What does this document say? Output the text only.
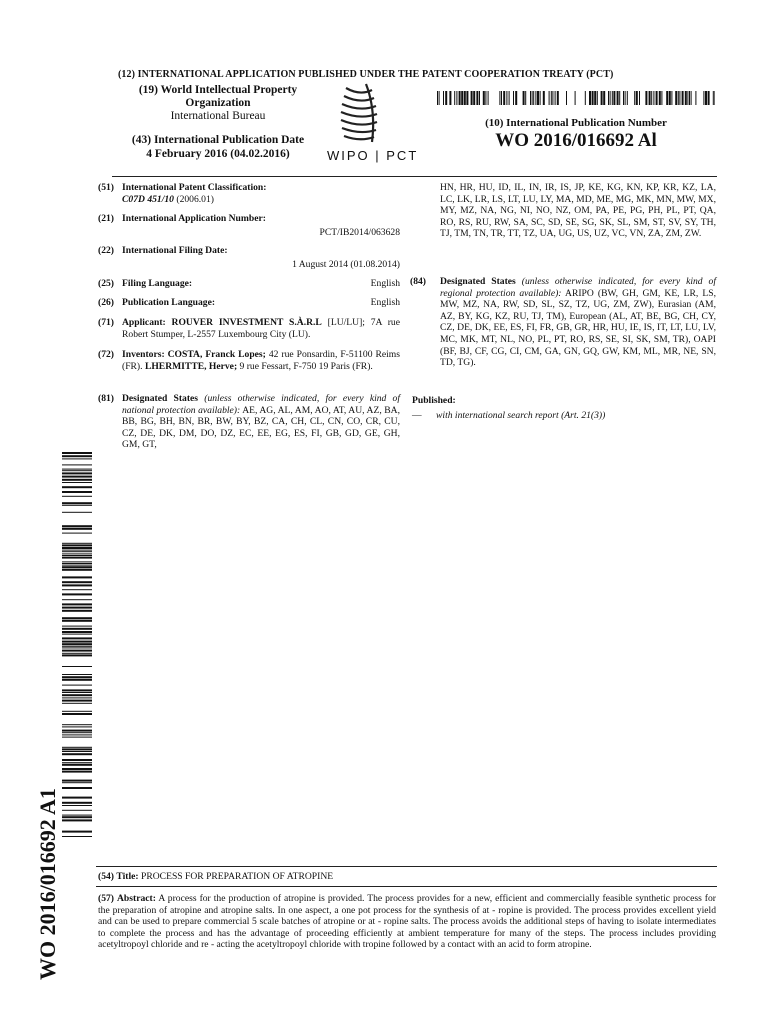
(12) INTERNATIONAL APPLICATION PUBLISHED UNDER THE PATENT COOPERATION TREATY (PCT)
(19) World Intellectual Property
Organization
International Bureau
(43) International Publication Date
4 February 2016 (04.02.2016)	WIPO | PCT
(10) International Publication Number
WO 2016/016692 Al
(51) International Patent Classification:
C07D 451/10 (2006.01)
(21) International Application Number:
PCT/IB2014/063628
(22) International Filing Date:
1 August 2014 (01.08.2014)
(25) Filing Language:	English
(26) Publication Language:	English
(71) Applicant: ROUVER INVESTMENT S.À.R.L [LU/LU]; 7A rue Robert Stumper, L-2557 Luxembourg City (LU).
(72) Inventors: COSTA, Franck Lopes; 42 rue Ponsardin, F-51100 Reims (FR). LHERMITTE, Herve; 9 rue Fessart, F-750 19 Paris (FR).
(81) Designated States (unless otherwise indicated, for every kind of national protection available): AE, AG, AL, AM, AO, AT, AU, AZ, BA, BB, BG, BH, BN, BR, BW, BY, BZ, CA, CH, CL, CN, CO, CR, CU, CZ, DE, DK, DM, DO, DZ, EC, EE, EG, ES, FI, GB, GD, GE, GH, GM, GT,
HN, HR, HU, ID, IL, IN, IR, IS, JP, KE, KG, KN, KP, KR, KZ, LA, LC, LK, LR, LS, LT, LU, LY, MA, MD, ME, MG, MK, MN, MW, MX, MY, MZ, NA, NG, NI, NO, NZ, OM, PA, PE, PG, PH, PL, PT, QA, RO, RS, RU, RW, SA, SC, SD, SE, SG, SK, SL, SM, ST, SV, SY, TH, TJ, TM, TN, TR, TT, TZ, UA, UG, US, UZ, VC, VN, ZA, ZM, ZW.
(84) Designated States (unless otherwise indicated, for every kind of regional protection available): ARIPO (BW, GH, GM, KE, LR, LS, MW, MZ, NA, RW, SD, SL, SZ, TZ, UG, ZM, ZW), Eurasian (AM, AZ, BY, KG, KZ, RU, TJ, TM), European (AL, AT, BE, BG, CH, CY, CZ, DE, DK, EE, ES, FI, FR, GB, GR, HR, HU, IE, IS, IT, LT, LU, LV, MC, MK, MT, NL, NO, PL, PT, RO, RS, SE, SI, SK, SM, TR), OAPI (BF, BJ, CF, CG, CI, CM, GA, GN, GQ, GW, KM, ML, MR, NE, SN, TD, TG).
Published:
—	with international search report (Art. 21(3))
WO 2016/016692 A1	(54) Title: PROCESS FOR PREPARATION OF ATROPINE
(57) Abstract: A process for the production of atropine is provided. The process provides for a new, efficient and commercially feasible synthetic process for the preparation of atropine and atropine salts. In one aspect, a one pot process for the synthesis of at - ropine is provided. The process provides excellent yield and can be used to prepare commercial 5 scale batches of atropine or at - ropine salts. The process avoids the additional steps of having to isolate intermediates to complete the process and has the advantage of proceeding efficiently at ambient temperature for many of the steps. The process includes providing acetyltropoyl chloride and re - acting the acetyltropoyl chloride with tropine followed by a contact with an acid to form atropine.
